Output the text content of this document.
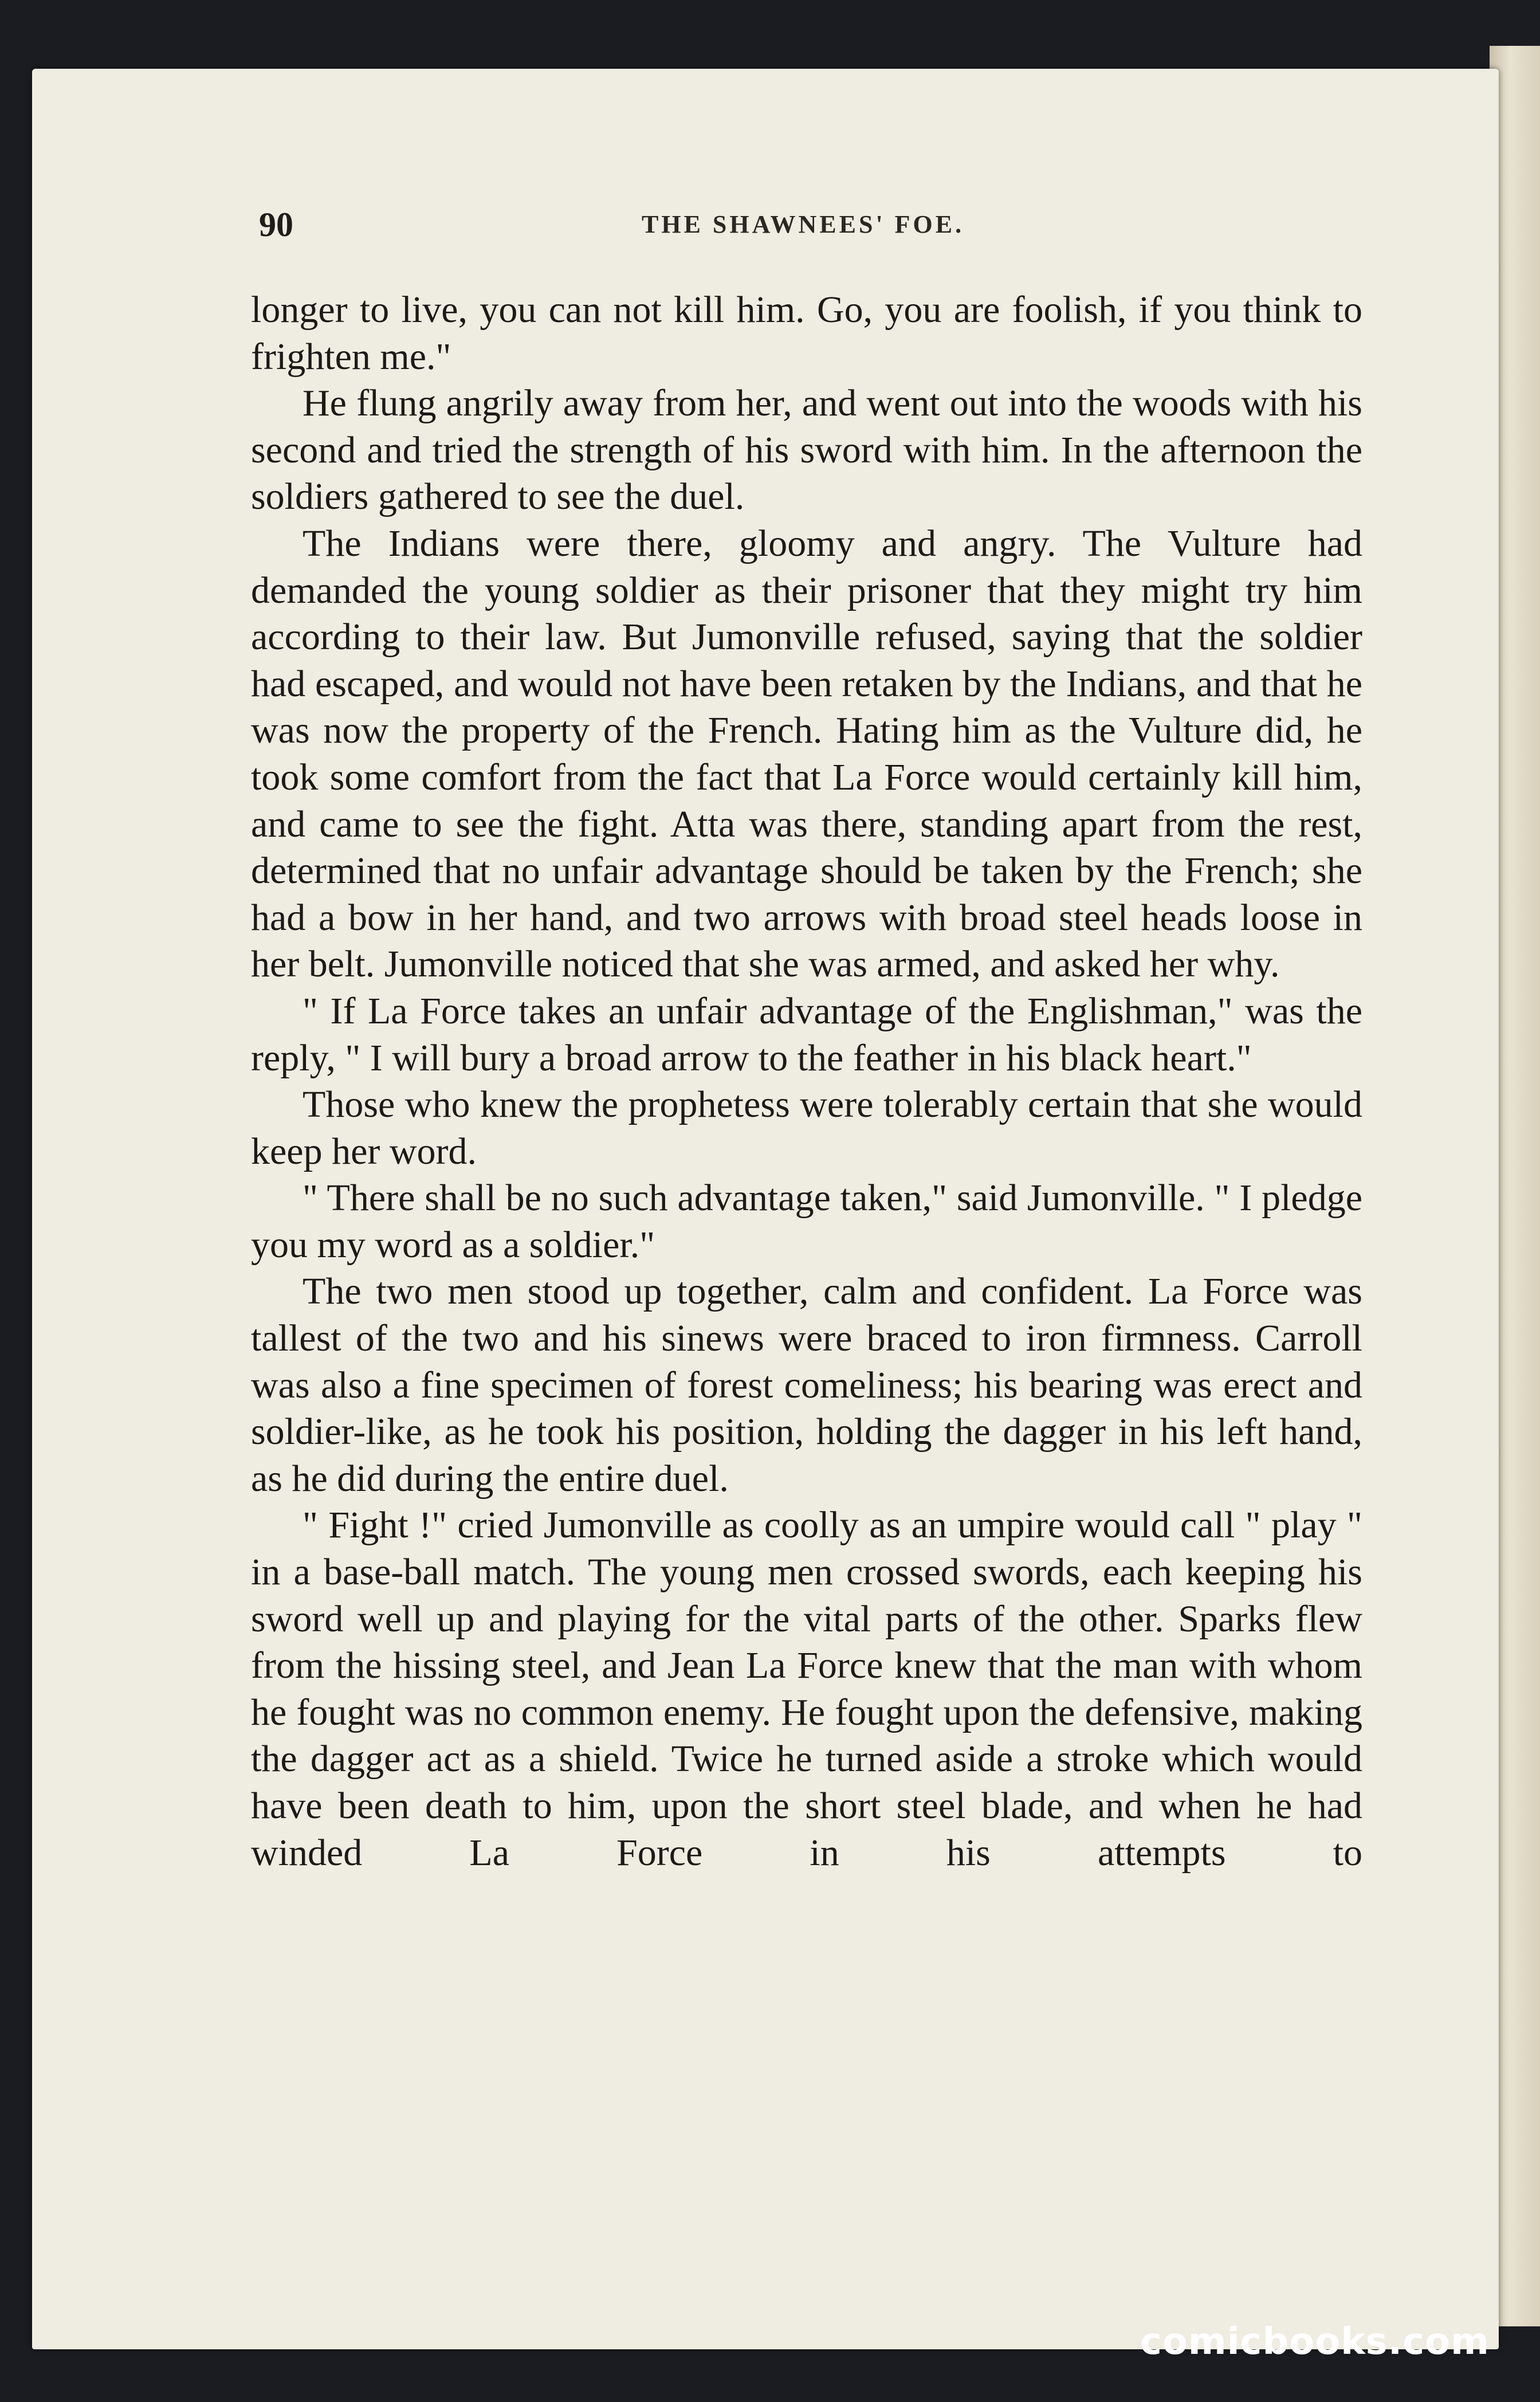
90	THE SHAWNEES' FOE.

longer to live, you can not kill him. Go, you are foolish, if you think to frighten me."

He flung angrily away from her, and went out into the woods with his second and tried the strength of his sword with him. In the afternoon the soldiers gathered to see the duel.

The Indians were there, gloomy and angry. The Vulture had demanded the young soldier as their prisoner that they might try him according to their law. But Jumonville refused, saying that the soldier had escaped, and would not have been retaken by the Indians, and that he was now the property of the French. Hating him as the Vulture did, he took some comfort from the fact that La Force would certainly kill him, and came to see the fight. Atta was there, standing apart from the rest, determined that no unfair advantage should be taken by the French; she had a bow in her hand, and two arrows with broad steel heads loose in her belt. Jumonville noticed that she was armed, and asked her why.

" If La Force takes an unfair advantage of the Englishman," was the reply, " I will bury a broad arrow to the feather in his black heart."

Those who knew the prophetess were tolerably certain that she would keep her word.

" There shall be no such advantage taken," said Jumonville. " I pledge you my word as a soldier."

The two men stood up together, calm and confident. La Force was tallest of the two and his sinews were braced to iron firmness. Carroll was also a fine specimen of forest comeliness; his bearing was erect and soldier-like, as he took his position, holding the dagger in his left hand, as he did during the entire duel.

" Fight !" cried Jumonville as coolly as an umpire would call " play " in a base-ball match. The young men crossed swords, each keeping his sword well up and playing for the vital parts of the other. Sparks flew from the hissing steel, and Jean La Force knew that the man with whom he fought was no common enemy. He fought upon the defensive, making the dagger act as a shield. Twice he turned aside a stroke which would have been death to him, upon the short steel blade, and when he had winded La Force in his attempts to

comicbooks.com
